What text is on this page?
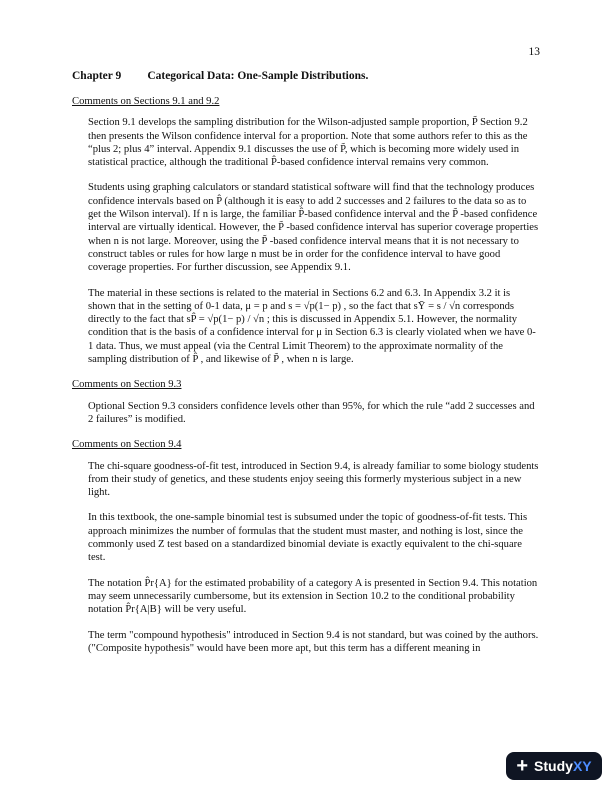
13
Chapter 9 Categorical Data: One-Sample Distributions.
Comments on Sections 9.1 and 9.2

Section 9.1 develops the sampling distribution for the Wilson-adjusted sample proportion, P̃ Section 9.2 then presents the Wilson confidence interval for a proportion. Note that some authors refer to this as the “plus 2; plus 4” interval. Appendix 9.1 discusses the use of P̃, which is becoming more widely used in statistical practice, although the traditional P̂-based confidence interval remains very common.

Students using graphing calculators or standard statistical software will find that the technology produces confidence intervals based on P̂ (although it is easy to add 2 successes and 2 failures to the data so as to get the Wilson interval). If n is large, the familiar P̂-based confidence interval and the P̃ -based confidence interval are virtually identical. However, the P̃ -based confidence interval has superior coverage properties when n is not large. Moreover, using the P̃ -based confidence interval means that it is not necessary to construct tables or rules for how large n must be in order for the confidence interval to have good coverage properties. For further discussion, see Appendix 9.1.

The material in these sections is related to the material in Sections 6.2 and 6.3. In Appendix 3.2 it is shown that in the setting of 0-1 data, μ = p and s = √p(1− p) , so the fact that sȲ = s / √n corresponds directly to the fact that sP̂ = √p(1− p) / √n ; this is discussed in Appendix 5.1. However, the normality condition that is the basis of a confidence interval for μ in Section 6.3 is clearly violated when we have 0-1 data. Thus, we must appeal (via the Central Limit Theorem) to the approximate normality of the sampling distribution of P̂ , and likewise of P̃ , when n is large.

Comments on Section 9.3

Optional Section 9.3 considers confidence levels other than 95%, for which the rule “add 2 successes and 2 failures” is modified.

Comments on Section 9.4

The chi-square goodness-of-fit test, introduced in Section 9.4, is already familiar to some biology students from their study of genetics, and these students enjoy seeing this formerly mysterious subject in a new light.

In this textbook, the one-sample binomial test is subsumed under the topic of goodness-of-fit tests. This approach minimizes the number of formulas that the student must master, and nothing is lost, since the commonly used Z test based on a standardized binomial deviate is exactly equivalent to the chi-square test.

The notation P̂r{A} for the estimated probability of a category A is presented in Section 9.4. This notation may seem unnecessarily cumbersome, but its extension in Section 10.2 to the conditional probability notation P̂r{A|B} will be very useful.

The term "compound hypothesis" introduced in Section 9.4 is not standard, but was coined by the authors. ("Composite hypothesis" would have been more apt, but this term has a different meaning in

+ Study XY
